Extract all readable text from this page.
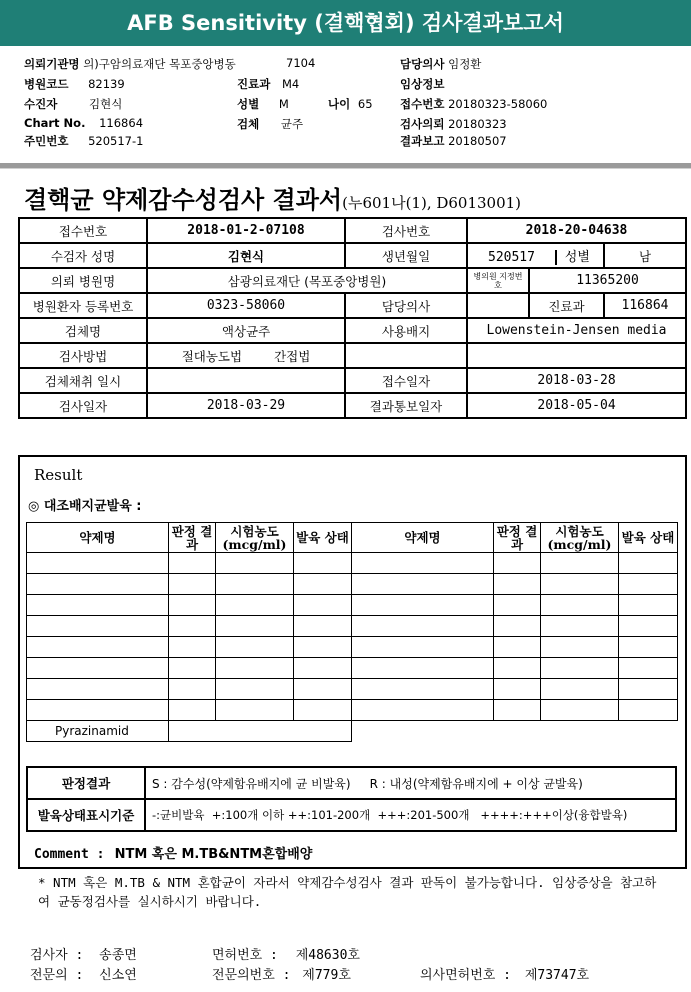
AFB Sensitivity (결핵협회) 검사결과보고서
의뢰기관명 의)구암의료재단 목포중앙병동	7104	담당의사 임정환
병원코드 82139	진료과 M4	임상정보
수진자	김현식	성별 M	나이 65 접수번호 20180323-58060
Chart No. 116864	검체 균주	검사의뢰 20180323
주민번호 520517-1	결과보고 20180507
결핵균 약제감수성검사 결과서(누601나(1), D6013001)
접수번호	2018-01-2-07108	검사번호	2018-20-04638		
수검자 성명	김현식	생년월일	520517 성별		남
의뢰 병원명	삼광의료재단 (목포중앙병원)		병의원 지정번호	11365200	
병원환자 등록번호	0323-58060	담당의사		진료과	116864
검체명	액상균주	사용배지	Lowenstein-Jensen media		
검사방법	절대농도법 간접법				
검체채취 일시		접수일자	2018-03-28		
검사일자	2018-03-29	결과통보일자	2018-05-04		
Result
◎ 대조배지균발육 :
약제명	판정 결과	시험농도 (mcg/ml)	발육 상태	약제명	판정 결과	시험농도 (mcg/ml)	발육 상태

Pyrazinamid							
판정결과	S : 감수성(약제함유배지에 균 비발육)     R : 내성(약제함유배지에 + 이상 균발육)
발육상태표시기준	-:균비발육  +:100개 이하 ++:101-200개  +++:201-500개   ++++:+++이상(융합발육)
Comment : NTM 혹은 M.TB&NTM혼합배양
* NTM 혹은 M.TB & NTM 혼합균이 자라서 약제감수성검사 결과 판독이 불가능합니다. 임상증상을 참고하여 균동정검사를 실시하시기 바랍니다.
검사자 : 송종면	면허번호 : 제48630호
전문의 : 신소연	전문의번호 : 제779호	의사면허번호 : 제73747호
